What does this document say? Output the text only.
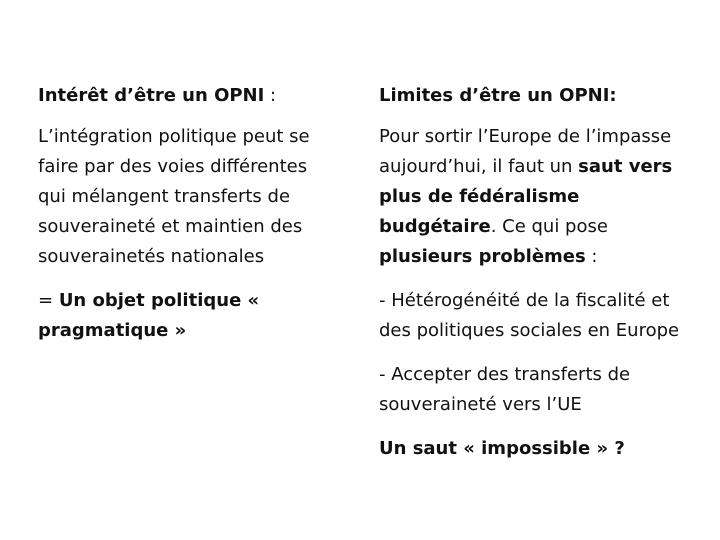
Intérêt d’être un OPNI :

L’intégration politique peut se faire par des voies différentes qui mélangent transferts de souveraineté et maintien des souverainetés nationales

= Un objet politique « pragmatique »

Limites d’être un OPNI:

Pour sortir l’Europe de l’impasse aujourd’hui, il faut un saut vers plus de fédéralisme budgétaire. Ce qui pose plusieurs problèmes :

- Hétérogénéité de la fiscalité et des politiques sociales en Europe

- Accepter des transferts de souveraineté vers l’UE

Un saut « impossible » ?
